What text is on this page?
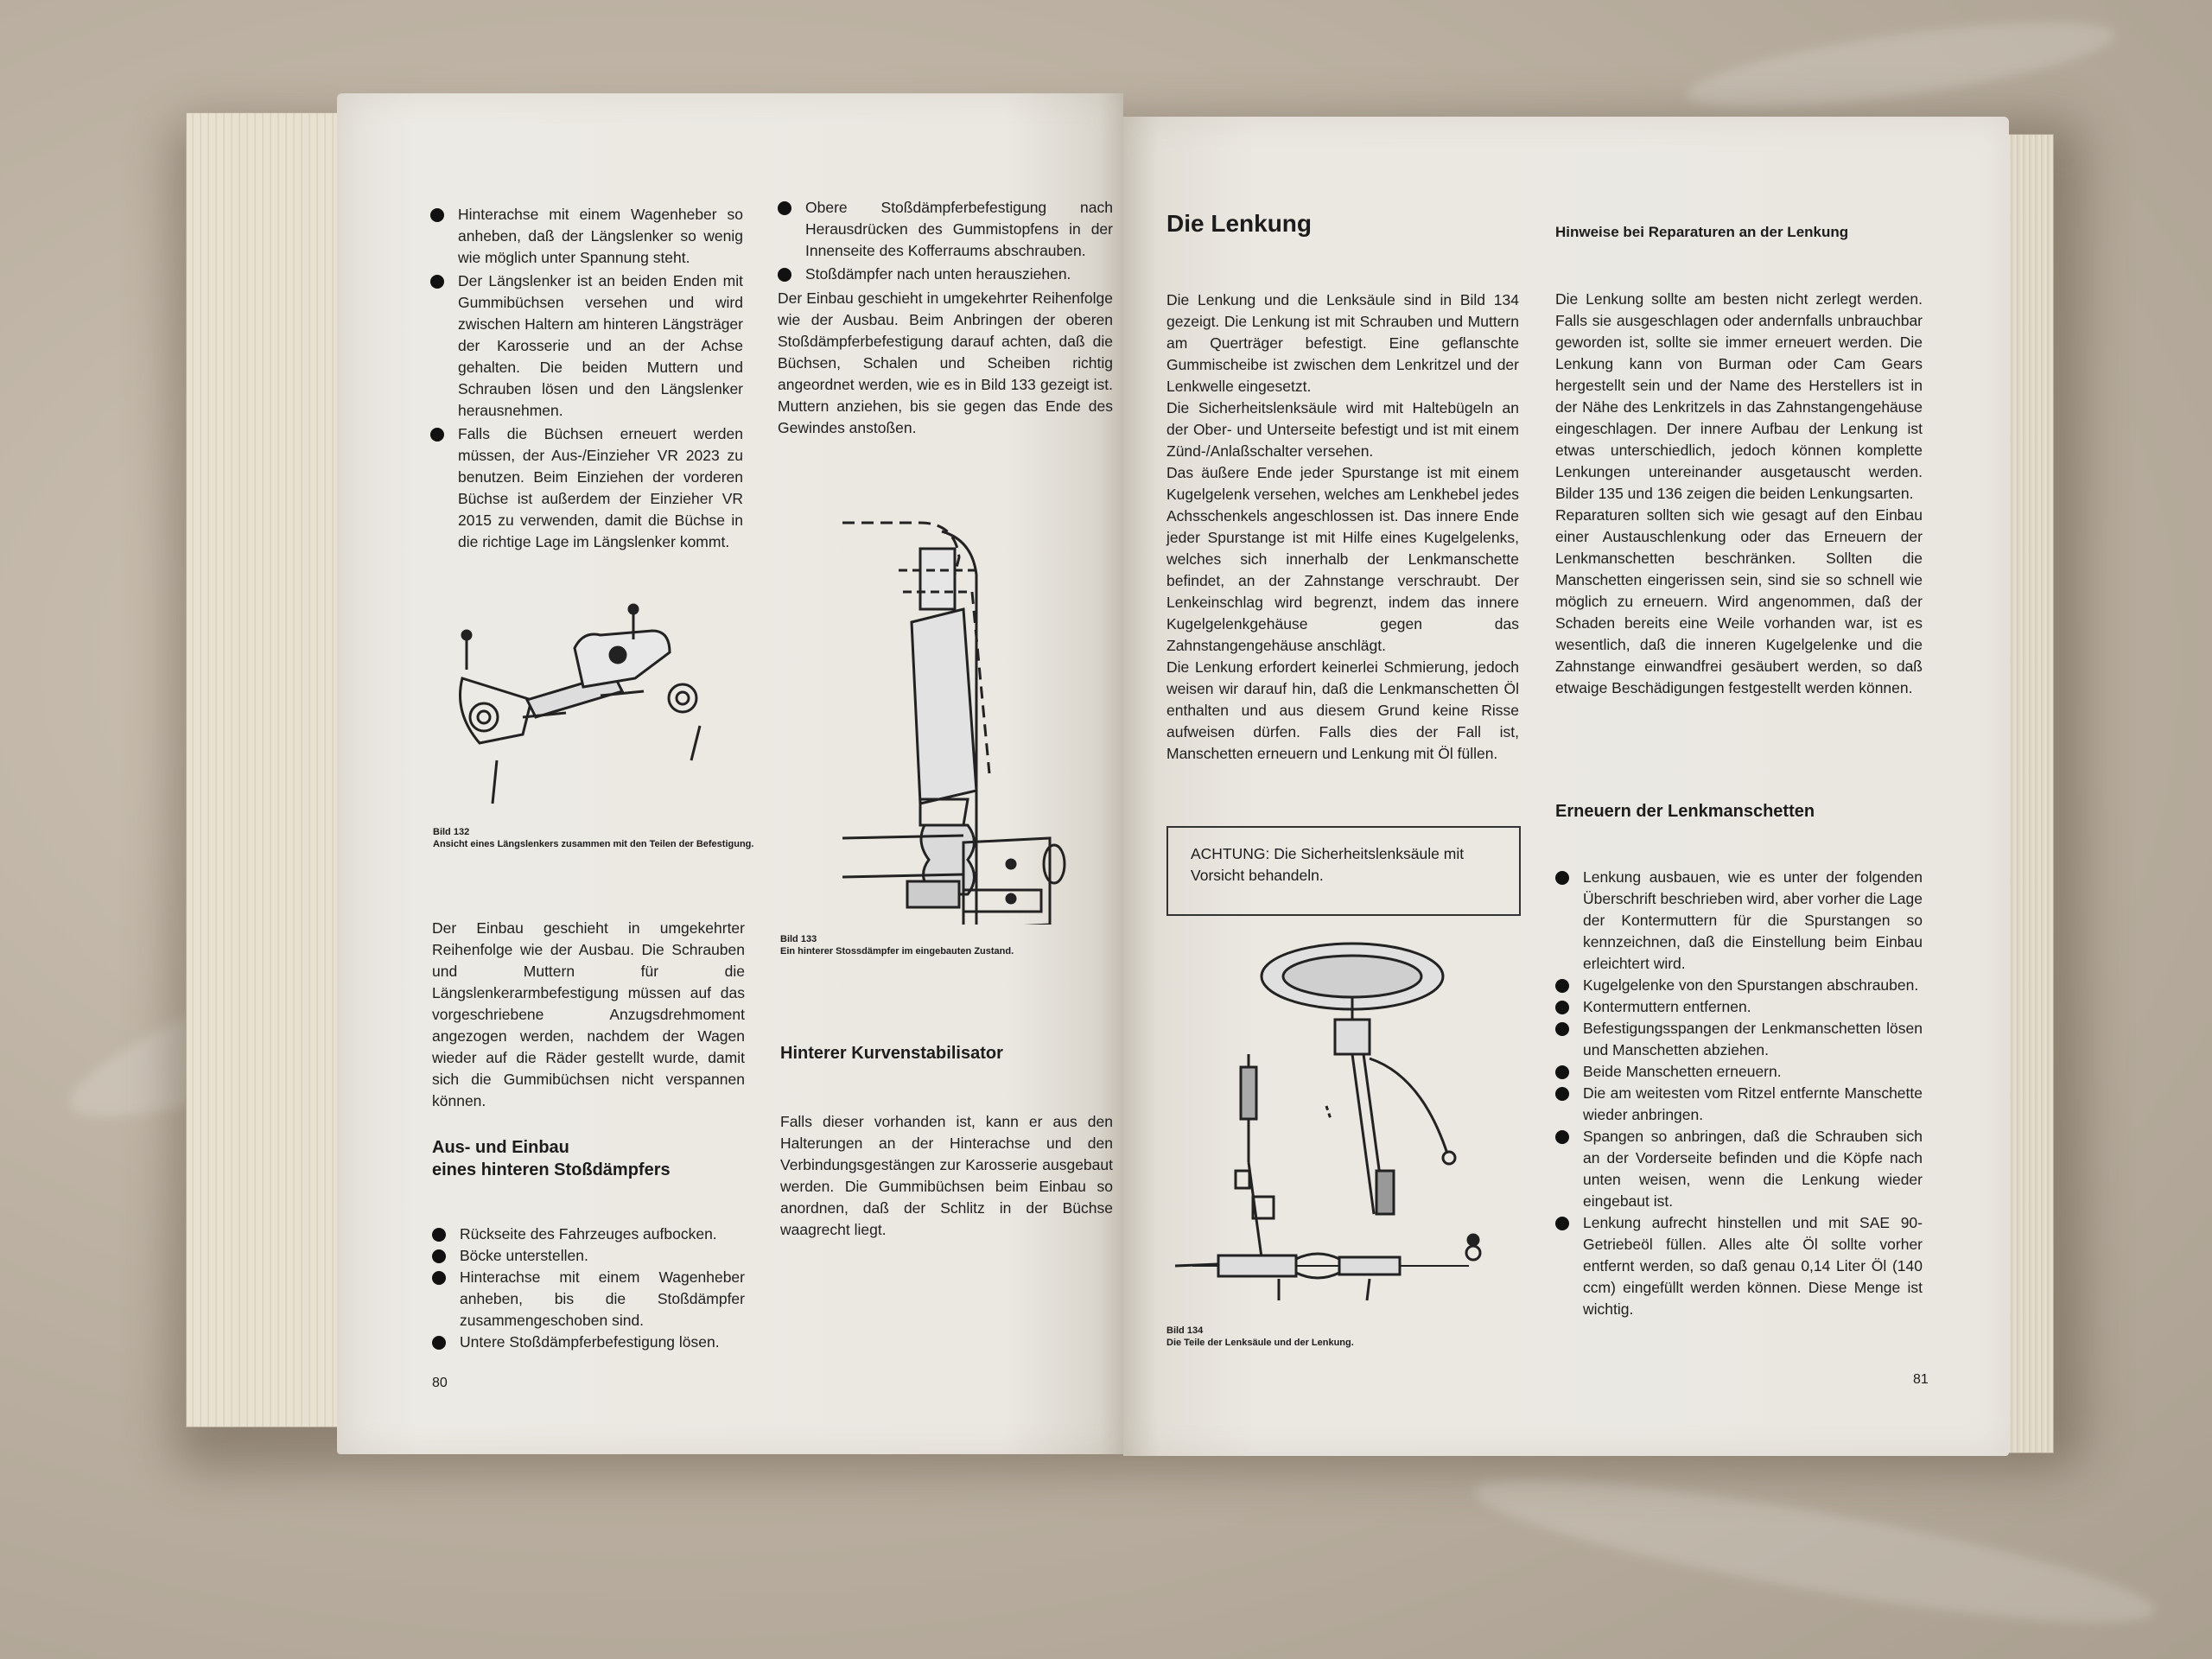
Hinterachse mit einem Wagenheber so anheben, daß der Längslenker so wenig wie möglich unter Spannung steht.
Der Längslenker ist an beiden Enden mit Gummibüchsen versehen und wird zwischen Haltern am hinteren Längsträger der Karosserie und an der Achse gehalten. Die beiden Muttern und Schrauben lösen und den Längslenker herausnehmen.
Falls die Büchsen erneuert werden müssen, der Aus-/Einzieher VR 2023 zu benutzen. Beim Einziehen der vorderen Büchse ist außerdem der Einzieher VR 2015 zu verwenden, damit die Büchse in die richtige Lage im Längslenker kommt.
Bild 132
Ansicht eines Längslenkers zusammen mit den Teilen der Befestigung.

Der Einbau geschieht in umgekehrter Reihenfolge wie der Ausbau. Die Schrauben und Muttern für die Längslenkerarmbefestigung müssen auf das vorgeschriebene Anzugsdrehmoment angezogen werden, nachdem der Wagen wieder auf die Räder gestellt wurde, damit sich die Gummibüchsen nicht verspannen können.

Aus- und Einbau
eines hinteren Stoßdämpfers
Rückseite des Fahrzeuges aufbocken.
Böcke unterstellen.
Hinterachse mit einem Wagenheber anheben, bis die Stoßdämpfer zusammengeschoben sind.
Untere Stoßdämpferbefestigung lösen.
80
Obere Stoßdämpferbefestigung nach Herausdrücken des Gummistopfens in der Innenseite des Kofferraums abschrauben.
Stoßdämpfer nach unten herausziehen.

Der Einbau geschieht in umgekehrter Reihenfolge wie der Ausbau. Beim Anbringen der oberen Stoßdämpferbefestigung darauf achten, daß die Büchsen, Schalen und Scheiben richtig angeordnet werden, wie es in Bild 133 gezeigt ist. Muttern anziehen, bis sie gegen das Ende des Gewindes anstoßen.

Bild 133
Ein hinterer Stossdämpfer im eingebauten Zustand.
Hinterer Kurvenstabilisator

Falls dieser vorhanden ist, kann er aus den Halterungen an der Hinterachse und den Verbindungsgestängen zur Karosserie ausgebaut werden. Die Gummibüchsen beim Einbau so anordnen, daß der Schlitz in der Büchse waagrecht liegt.

Die Lenkung

Die Lenkung und die Lenksäule sind in Bild 134 gezeigt. Die Lenkung ist mit Schrauben und Muttern am Querträger befestigt. Eine geflanschte Gummischeibe ist zwischen dem Lenkritzel und der Lenkwelle eingesetzt.

Die Sicherheitslenksäule wird mit Haltebügeln an der Ober- und Unterseite befestigt und ist mit einem Zünd-/Anlaßschalter versehen.

Das äußere Ende jeder Spurstange ist mit einem Kugelgelenk versehen, welches am Lenkhebel jedes Achsschenkels angeschlossen ist. Das innere Ende jeder Spurstange ist mit Hilfe eines Kugelgelenks, welches sich innerhalb der Lenkmanschette befindet, an der Zahnstange verschraubt. Der Lenkeinschlag wird begrenzt, indem das innere Kugelgelenkgehäuse gegen das Zahnstangengehäuse anschlägt.

Die Lenkung erfordert keinerlei Schmierung, jedoch weisen wir darauf hin, daß die Lenkmanschetten Öl enthalten und aus diesem Grund keine Risse aufweisen dürfen. Falls dies der Fall ist, Manschetten erneuern und Lenkung mit Öl füllen.

ACHTUNG: Die Sicherheitslenksäule mit Vorsicht behandeln.
Bild 134
Die Teile der Lenksäule und der Lenkung.
Hinweise bei Reparaturen an der Lenkung

Die Lenkung sollte am besten nicht zerlegt werden. Falls sie ausgeschlagen oder andernfalls unbrauchbar geworden ist, sollte sie immer erneuert werden. Die Lenkung kann von Burman oder Cam Gears hergestellt sein und der Name des Herstellers ist in der Nähe des Lenkritzels in das Zahnstangengehäuse eingeschlagen. Der innere Aufbau der Lenkung ist etwas unterschiedlich, jedoch können komplette Lenkungen untereinander ausgetauscht werden. Bilder 135 und 136 zeigen die beiden Lenkungsarten.

Reparaturen sollten sich wie gesagt auf den Einbau einer Austauschlenkung oder das Erneuern der Lenkmanschetten beschränken. Sollten die Manschetten eingerissen sein, sind sie so schnell wie möglich zu erneuern. Wird angenommen, daß der Schaden bereits eine Weile vorhanden war, ist es wesentlich, daß die inneren Kugelgelenke und die Zahnstange einwandfrei gesäubert werden, so daß etwaige Beschädigungen festgestellt werden können.

Erneuern der Lenkmanschetten
Lenkung ausbauen, wie es unter der folgenden Überschrift beschrieben wird, aber vorher die Lage der Kontermuttern für die Spurstangen so kennzeichnen, daß die Einstellung beim Einbau erleichtert wird.
Kugelgelenke von den Spurstangen abschrauben.
Kontermuttern entfernen.
Befestigungsspangen der Lenkmanschetten lösen und Manschetten abziehen.
Beide Manschetten erneuern.
Die am weitesten vom Ritzel entfernte Manschette wieder anbringen.
Spangen so anbringen, daß die Schrauben sich an der Vorderseite befinden und die Köpfe nach unten weisen, wenn die Lenkung wieder eingebaut ist.
Lenkung aufrecht hinstellen und mit SAE 90-Getriebeöl füllen. Alles alte Öl sollte vorher entfernt werden, so daß genau 0,14 Liter Öl (140 ccm) eingefüllt werden können. Diese Menge ist wichtig.
81
